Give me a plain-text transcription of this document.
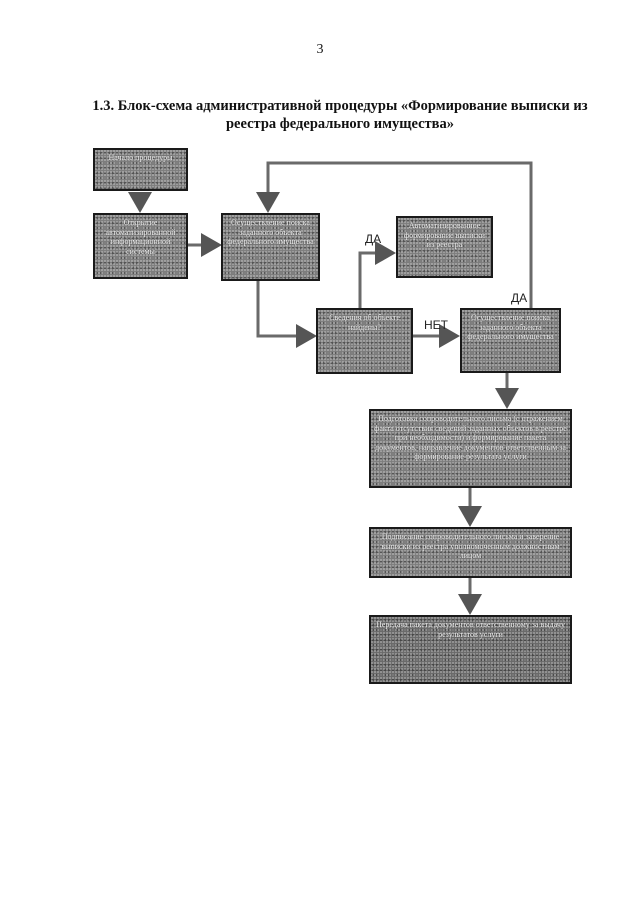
3
1.3. Блок-схема административной процедуры «Формирование выписки из реестра федерального имущества»
Начало процедуры
Открытие автоматизированной информационной системы
Осуществление поиска заданного объекта федерального имущества
Автоматизированное формирование выписки из реестра
Сведения об объекте найдены?
Осуществление поиска заданного объекта федерального имущества
Подготовка сопроводительного письма (с отражением факта отсутствия сведений заданных объектов в реестре при необходимости) и формирование пакета документов, направление документов ответственным за формирование результата услуги
Подписание сопроводительного письма и заверение выписки из реестра уполномоченным должностным лицом
Передача пакета документов ответственному за выдачу результатов услуги
ДА
НЕТ
ДА
